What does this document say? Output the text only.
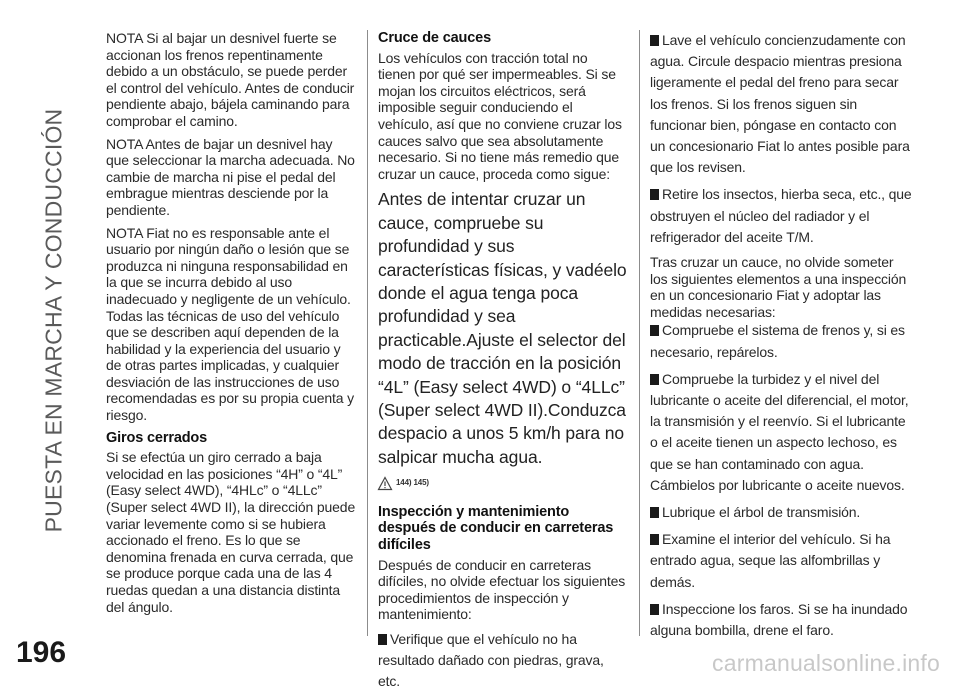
PUESTA EN MARCHA Y CONDUCCIÓN

NOTA Si al bajar un desnivel fuerte se accionan los frenos repentinamente debido a un obstáculo, se puede perder el control del vehículo. Antes de conducir pendiente abajo, bájela caminando para comprobar el camino.

NOTA Antes de bajar un desnivel hay que seleccionar la marcha adecuada. No cambie de marcha ni pise el pedal del embrague mientras desciende por la pendiente.

NOTA Fiat no es responsable ante el usuario por ningún daño o lesión que se produzca ni ninguna responsabilidad en la que se incurra debido al uso inadecuado y negligente de un vehículo. Todas las técnicas de uso del vehículo que se describen aquí dependen de la habilidad y la experiencia del usuario y de otras partes implicadas, y cualquier desviación de las instrucciones de uso recomendadas es por su propia cuenta y riesgo.

Giros cerrados

Si se efectúa un giro cerrado a baja velocidad en las posiciones “4H” o “4L” (Easy select 4WD), “4HLc” o “4LLc” (Super select 4WD II), la dirección puede variar levemente como si se hubiera accionado el freno. Es lo que se denomina frenada en curva cerrada, que se produce porque cada una de las 4 ruedas quedan a una distancia distinta del ángulo.

Cruce de cauces

Los vehículos con tracción total no tienen por qué ser impermeables. Si se mojan los circuitos eléctricos, será imposible seguir conduciendo el vehículo, así que no conviene cruzar los cauces salvo que sea absolutamente necesario. Si no tiene más remedio que cruzar un cauce, proceda como sigue:

Antes de intentar cruzar un cauce, compruebe su profundidad y sus características físicas, y vadéelo donde el agua tenga poca profundidad y sea practicable.Ajuste el selector del modo de tracción en la posición “4L” (Easy select 4WD) o “4LLc” (Super select 4WD II).Conduzca despacio a unos 5 km/h para no salpicar mucha agua.

144) 145)
Inspección y mantenimiento después de conducir en carreteras difíciles

Después de conducir en carreteras difíciles, no olvide efectuar los siguientes procedimientos de inspección y mantenimiento:

Verifique que el vehículo no ha resultado dañado con piedras, grava, etc.

Lave el vehículo concienzudamente con agua. Circule despacio mientras presiona ligeramente el pedal del freno para secar los frenos. Si los frenos siguen sin funcionar bien, póngase en contacto con un concesionario Fiat lo antes posible para que los revisen.

Retire los insectos, hierba seca, etc., que obstruyen el núcleo del radiador y el refrigerador del aceite T/M.

Tras cruzar un cauce, no olvide someter los siguientes elementos a una inspección en un concesionario Fiat y adoptar las medidas necesarias:

Compruebe el sistema de frenos y, si es necesario, repárelos.

Compruebe la turbidez y el nivel del lubricante o aceite del diferencial, el motor, la transmisión y el reenvío. Si el lubricante o el aceite tienen un aspecto lechoso, es que se han contaminado con agua. Cámbielos por lubricante o aceite nuevos.

Lubrique el árbol de transmisión.

Examine el interior del vehículo. Si ha entrado agua, seque las alfombrillas y demás.

Inspeccione los faros. Si se ha inundado alguna bombilla, drene el faro.

196	carmanualsonline.info
